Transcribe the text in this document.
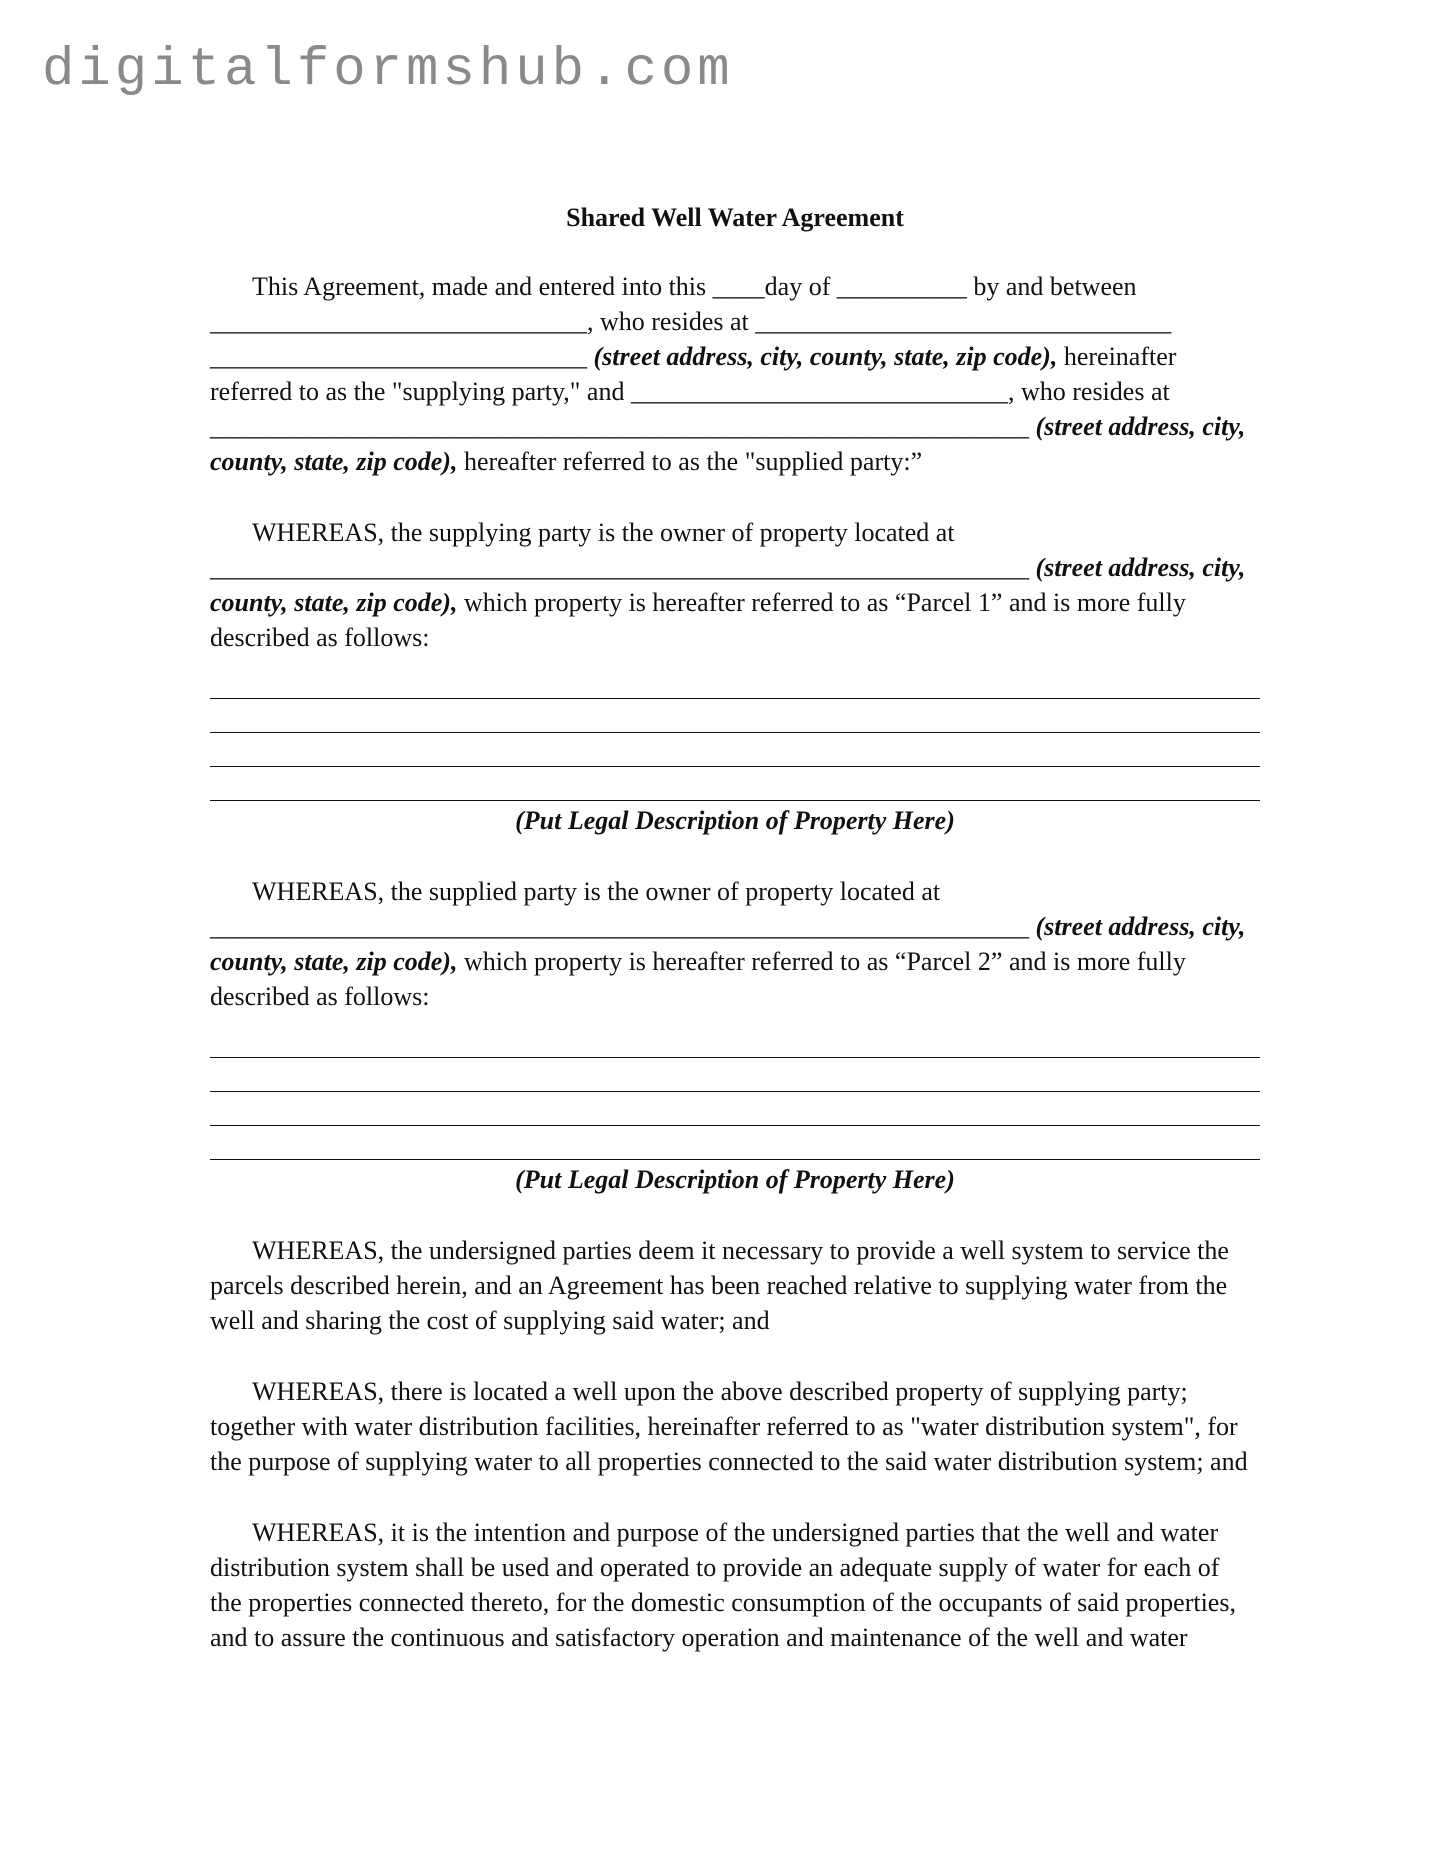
digitalformshub.com
Shared Well Water Agreement
This Agreement, made and entered into this ____day of __________ by and between
_____________________________, who resides at ________________________________
_____________________________ (street address, city, county, state, zip code), hereinafter
referred to as the "supplying party," and _____________________________, who resides at
_______________________________________________________________ (street address, city,
county, state, zip code), hereafter referred to as the "supplied party:”
WHEREAS, the supplying party is the owner of property located at
_______________________________________________________________ (street address, city,
county, state, zip code), which property is hereafter referred to as “Parcel 1” and is more fully
described as follows:
(Put Legal Description of Property Here)
WHEREAS, the supplied party is the owner of property located at
_______________________________________________________________ (street address, city,
county, state, zip code), which property is hereafter referred to as “Parcel 2” and is more fully
described as follows:
(Put Legal Description of Property Here)
WHEREAS, the undersigned parties deem it necessary to provide a well system to service the
parcels described herein, and an Agreement has been reached relative to supplying water from the
well and sharing the cost of supplying said water; and
WHEREAS, there is located a well upon the above described property of supplying party;
together with water distribution facilities, hereinafter referred to as "water distribution system", for
the purpose of supplying water to all properties connected to the said water distribution system; and
WHEREAS, it is the intention and purpose of the undersigned parties that the well and water
distribution system shall be used and operated to provide an adequate supply of water for each of
the properties connected thereto, for the domestic consumption of the occupants of said properties,
and to assure the continuous and satisfactory operation and maintenance of the well and water
